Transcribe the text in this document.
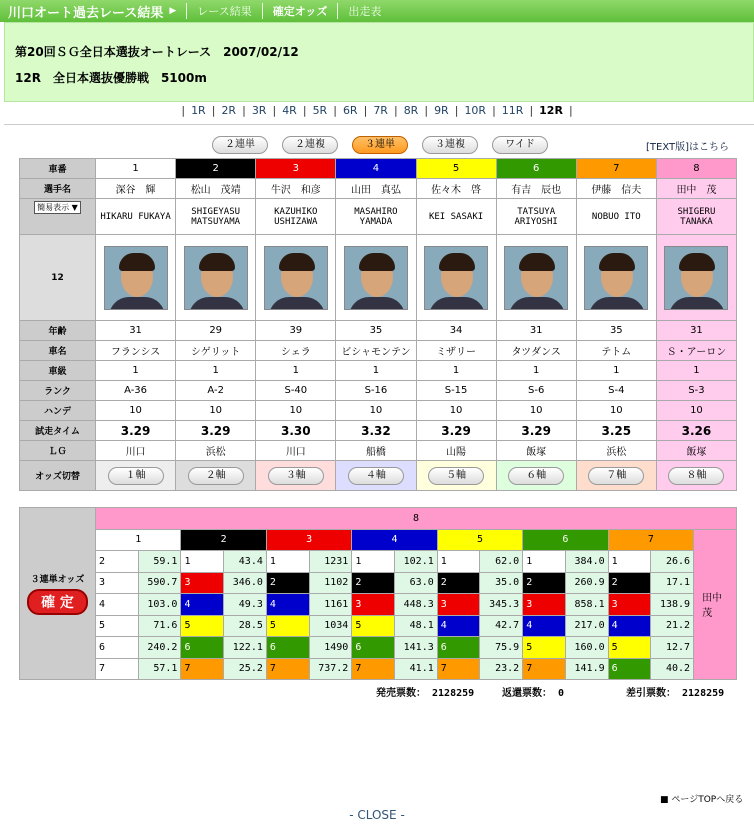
川口オート過去レース結果 ▶	レース結果	確定オッズ	出走表
第20回ＳＧ全日本選抜オートレース　2007/02/12
12R　全日本選抜優勝戦　5100m
| 1R | 2R | 3R | 4R | 5R | 6R | 7R | 8R | 9R | 10R | 11R | 12R |
２連単	２連複	３連単	３連複	ワイド	[TEXT版]はこちら
車番	1	2	3	4	5	6	7	8
選手名	深谷　輝	松山　茂靖	牛沢　和彦	山田　真弘	佐々木　啓	有吉　辰也	伊藤　信夫	田中　茂
簡易表示 ▼	HIKARU FUKAYA	SHIGEYASU MATSUYAMA	KAZUHIKO USHIZAWA	MASAHIRO YAMADA	KEI SASAKI	TATSUYA ARIYOSHI	NOBUO ITO	SHIGERU TANAKA
12	

年齢	31	29	39	35	34	31	35	31
車名	フランシス	シゲリット	シェラ	ビシャモンテン	ミザリー	タツダンス	テトム	Ｓ・アーロン
車級	1	1	1	1	1	1	1	1
ランク	A-36	A-2	S-40	S-16	S-15	S-6	S-4	S-3
ハンデ	10	10	10	10	10	10	10	10
試走タイム	3.29	3.29	3.30	3.32	3.29	3.29	3.25	3.26
ＬＧ	川口	浜松	川口	船橋	山陽	飯塚	浜松	飯塚
オッズ切替	１軸	２軸	３軸	４軸	５軸	６軸	７軸	８軸
３連単オッズ
確 定	8														
	1		2		3		4		5		6		7		田中　茂
	2	59.1	1	43.4	1	1231	1	102.1	1	62.0	1	384.0	1	26.6	
	3	590.7	3	346.0	2	1102	2	63.0	2	35.0	2	260.9	2	17.1	
	4	103.0	4	49.3	4	1161	3	448.3	3	345.3	3	858.1	3	138.9	
	5	71.6	5	28.5	5	1034	5	48.1	4	42.7	4	217.0	4	21.2	
	6	240.2	6	122.1	6	1490	6	141.3	6	75.9	5	160.0	5	12.7	
	7	57.1	7	25.2	7	737.2	7	41.1	7	23.2	7	141.9	6	40.2	
発売票数： 2128259	返還票数： 0	差引票数： 2128259
■ ページTOPへ戻る
- CLOSE -
